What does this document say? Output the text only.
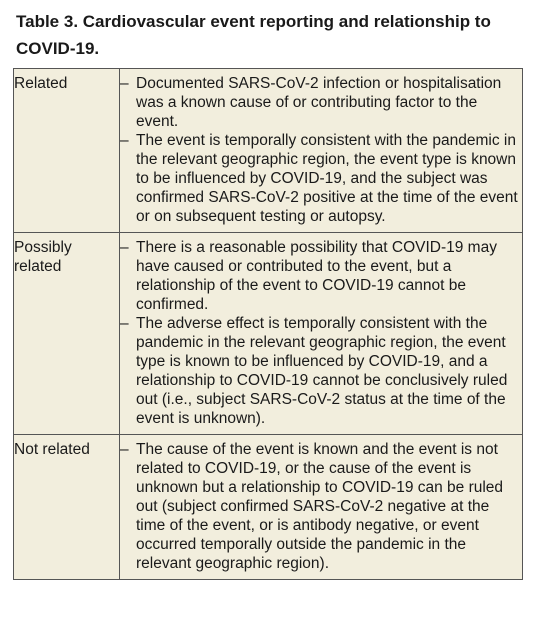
Table 3. Cardiovascular event reporting and relationship to COVID-19.
Related	– Documented SARS-CoV-2 infection or hospitalisation was a known cause of or contributing factor to the event.
– The event is temporally consistent with the pandemic in the relevant geographic region, the event type is known to be influenced by COVID-19, and the subject was confirmed SARS-CoV-2 positive at the time of the event or on subsequent testing or autopsy.

Possibly related	– There is a reasonable possibility that COVID-19 may have caused or contributed to the event, but a relationship of the event to COVID-19 cannot be confirmed.
– The adverse effect is temporally consistent with the pandemic in the relevant geographic region, the event type is known to be influenced by COVID-19, and a relationship to COVID-19 cannot be conclusively ruled out (i.e., subject SARS-CoV-2 status at the time of the event is unknown).

Not related	– The cause of the event is known and the event is not related to COVID-19, or the cause of the event is unknown but a relationship to COVID-19 can be ruled out (subject confirmed SARS-CoV-2 negative at the time of the event, or is antibody negative, or event occurred temporally outside the pandemic in the relevant geographic region).
